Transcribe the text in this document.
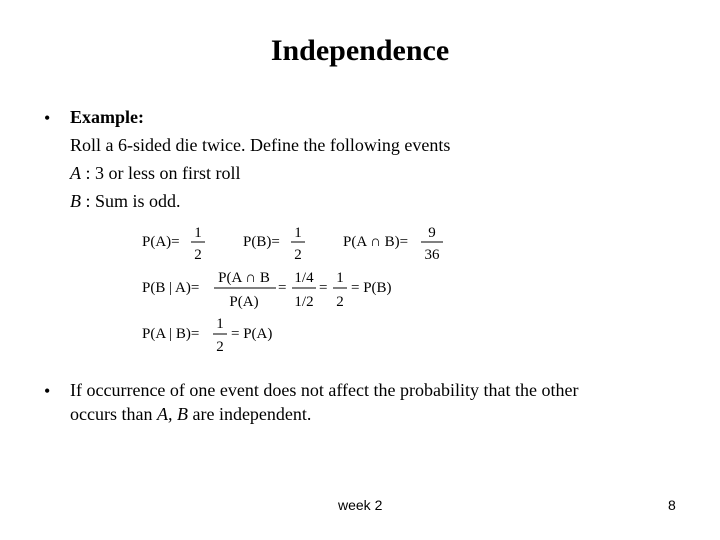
Independence
• Example:
Roll a 6-sided die twice. Define the following events
A : 3 or less on first roll
B : Sum is odd.
P(A)=
1
2
P(B)=
1
2
P(A ∩ B)=
9
36
P(B | A)=
P(A ∩ B
P(A)
=
1/4
1/2
=
1
2
= P(B)
P(A | B)=
1
2
= P(A)
• If occurrence of one event does not affect the probability that the other
occurs than A, B are independent.
week 2	8
